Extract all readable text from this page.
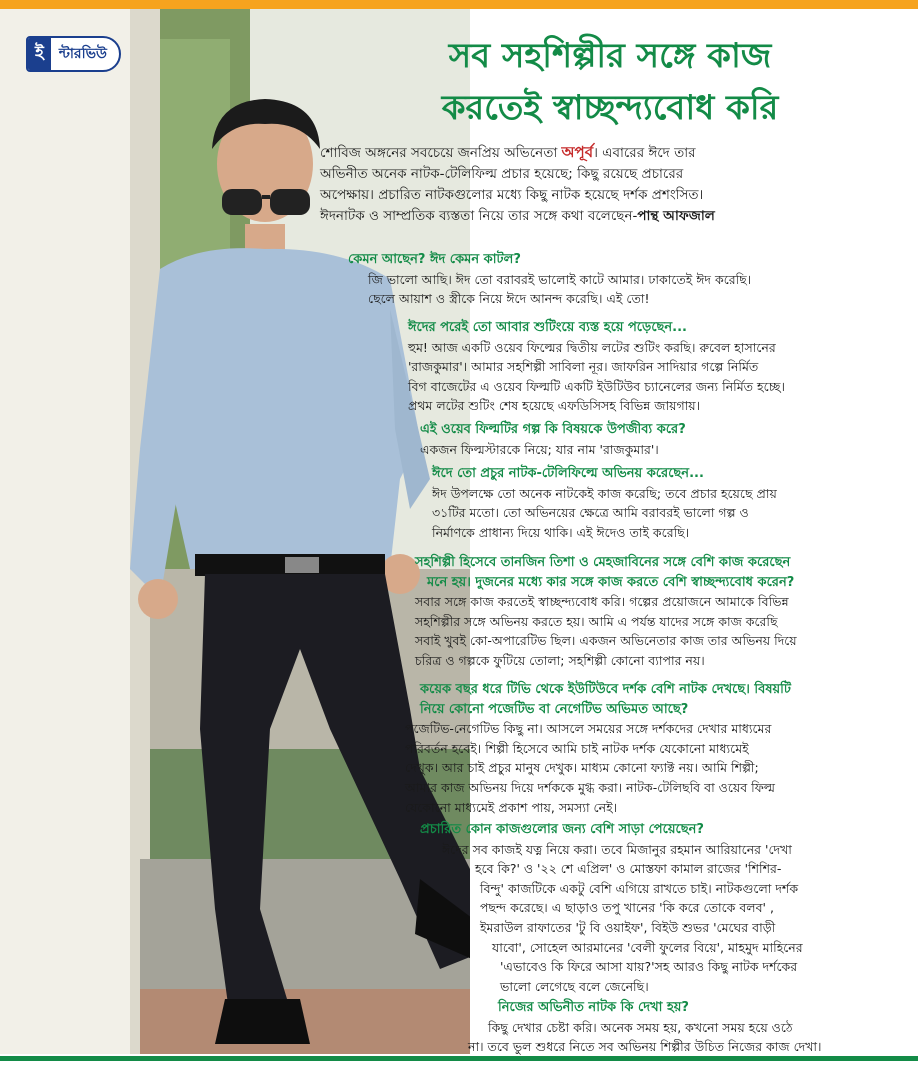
ই	ন্টারভিউ	সব সহশিল্পীর সঙ্গে কাজ
করতেই স্বাচ্ছন্দ্যবোধ করি
শোবিজ অঙ্গনের সবচেয়ে জনপ্রিয় অভিনেতা অপূর্ব। এবারের ঈদে তার
অভিনীত অনেক নাটক-টেলিফিল্ম প্রচার হয়েছে; কিছু রয়েছে প্রচারের
অপেক্ষায়। প্রচারিত নাটকগুলোর মধ্যে কিছু নাটক হয়েছে দর্শক প্রশংসিত।
ঈদনাটক ও সাম্প্রতিক ব্যস্ততা নিয়ে তার সঙ্গে কথা বলেছেন-পান্থ আফজাল
কেমন আছেন? ঈদ কেমন কাটল?
জি ভালো আছি। ঈদ তো বরাবরই ভালোই কাটে আমার। ঢাকাতেই ঈদ করেছি।
ছেলে আয়াশ ও স্ত্রীকে নিয়ে ঈদে আনন্দ করেছি। এই তো!
ঈদের পরেই তো আবার শুটিংয়ে ব্যস্ত হয়ে পড়েছেন...
হুম! আজ একটি ওয়েব ফিল্মের দ্বিতীয় লটের শুটিং করছি। রুবেল হাসানের
'রাজকুমার'। আমার সহশিল্পী সাবিলা নূর। জাফরিন সাদিয়ার গল্পে নির্মিত
বিগ বাজেটের এ ওয়েব ফিল্মটি একটি ইউটিউব চ্যানেলের জন্য নির্মিত হচ্ছে।
প্রথম লটের শুটিং শেষ হয়েছে এফডিসিসহ বিভিন্ন জায়গায়।
এই ওয়েব ফিল্মটির গল্প কি বিষয়কে উপজীব্য করে?
একজন ফিল্মস্টারকে নিয়ে; যার নাম 'রাজকুমার'।
ঈদে তো প্রচুর নাটক-টেলিফিল্মে অভিনয় করেছেন...
ঈদ উপলক্ষে তো অনেক নাটকেই কাজ করেছি; তবে প্রচার হয়েছে প্রায়
৩১টির মতো। তো অভিনয়ের ক্ষেত্রে আমি বরাবরই ভালো গল্প ও
নির্মাণকে প্রাধান্য দিয়ে থাকি। এই ঈদেও তাই করেছি।
সহশিল্পী হিসেবে তানজিন তিশা ও মেহজাবিনের সঙ্গে বেশি কাজ করেছেন
মনে হয়। দুজনের মধ্যে কার সঙ্গে কাজ করতে বেশি স্বাচ্ছন্দ্যবোধ করেন?
সবার সঙ্গে কাজ করতেই স্বাচ্ছন্দ্যবোধ করি। গল্পের প্রয়োজনে আমাকে বিভিন্ন
সহশিল্পীর সঙ্গে অভিনয় করতে হয়। আমি এ পর্যন্ত যাদের সঙ্গে কাজ করেছি
সবাই খুবই কো-অপারেটিভ ছিল। একজন অভিনেতার কাজ তার অভিনয় দিয়ে
চরিত্র ও গল্পকে ফুটিয়ে তোলা; সহশিল্পী কোনো ব্যাপার নয়।
কয়েক বছর ধরে টিভি থেকে ইউটিউবে দর্শক বেশি নাটক দেখছে। বিষয়টি
নিয়ে কোনো পজেটিভ বা নেগেটিভ অভিমত আছে?
পজেটিভ-নেগেটিভ কিছু না। আসলে সময়ের সঙ্গে দর্শকদের দেখার মাধ্যমের
পরিবর্তন হবেই। শিল্পী হিসেবে আমি চাই নাটক দর্শক যেকোনো মাধ্যমেই
দেখুক। আর চাই প্রচুর মানুষ দেখুক। মাধ্যম কোনো ফ্যাক্ট নয়। আমি শিল্পী;
আমার কাজ অভিনয় দিয়ে দর্শককে মুগ্ধ করা। নাটক-টেলিছবি বা ওয়েব ফিল্ম
যেকোনো মাধ্যমেই প্রকাশ পায়, সমস্যা নেই।
প্রচারিত কোন কাজগুলোর জন্য বেশি সাড়া পেয়েছেন?
ঈদের সব কাজই যত্ন নিয়ে করা। তবে মিজানুর রহমান আরিয়ানের 'দেখা
হবে কি?' ও '২২ শে এপ্রিল' ও মোস্তফা কামাল রাজের 'শিশির-
বিন্দু' কাজটিকে একটু বেশি এগিয়ে রাখতে চাই। নাটকগুলো দর্শক
পছন্দ করেছে। এ ছাড়াও তপু খানের 'কি করে তোকে বলব' ,
ইমরাউল রাফাতের 'টু বি ওয়াইফ', বিইউ শুভর 'মেঘের বাড়ী
যাবো', সোহেল আরমানের 'বেলী ফুলের বিয়ে', মাহমুদ মাহিনের
'এভাবেও কি ফিরে আসা যায়?'সহ আরও কিছু নাটক দর্শকের
ভালো লেগেছে বলে জেনেছি।
নিজের অভিনীত নাটক কি দেখা হয়?
কিছু দেখার চেষ্টা করি। অনেক সময় হয়, কখনো সময় হয়ে ওঠে
না। তবে ভুল শুধরে নিতে সব অভিনয় শিল্পীর উচিত নিজের কাজ দেখা।
